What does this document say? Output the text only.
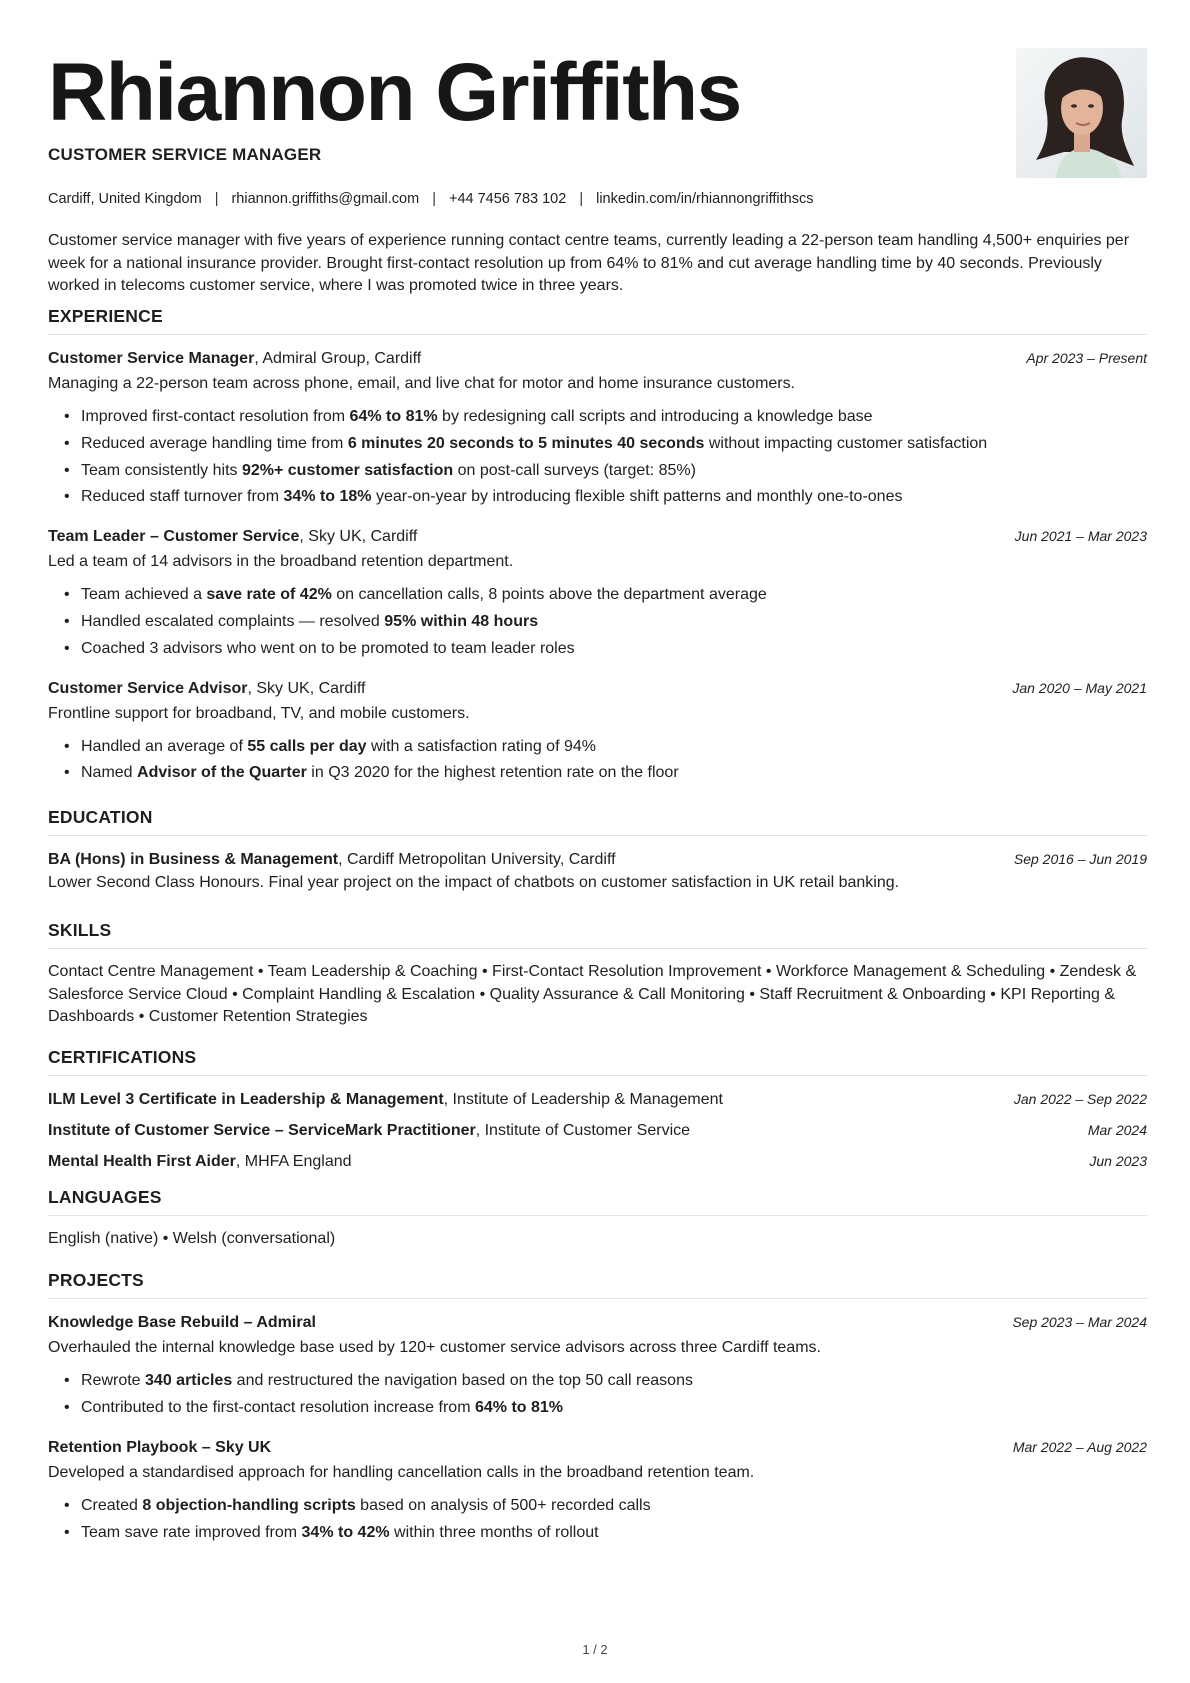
Rhiannon Griffiths
CUSTOMER SERVICE MANAGER
Cardiff, United Kingdom | rhiannon.griffiths@gmail.com | +44 7456 783 102 | linkedin.com/in/rhiannongriffithscs

Customer service manager with five years of experience running contact centre teams, currently leading a 22-person team handling 4,500+ enquiries per week for a national insurance provider. Brought first-contact resolution up from 64% to 81% and cut average handling time by 40 seconds. Previously worked in telecoms customer service, where I was promoted twice in three years.

EXPERIENCE
Customer Service Manager, Admiral Group, Cardiff	Apr 2023 – Present
Managing a 22-person team across phone, email, and live chat for motor and home insurance customers.
• Improved first-contact resolution from 64% to 81% by redesigning call scripts and introducing a knowledge base
• Reduced average handling time from 6 minutes 20 seconds to 5 minutes 40 seconds without impacting customer satisfaction
• Team consistently hits 92%+ customer satisfaction on post-call surveys (target: 85%)
• Reduced staff turnover from 34% to 18% year-on-year by introducing flexible shift patterns and monthly one-to-ones
Team Leader – Customer Service, Sky UK, Cardiff	Jun 2021 – Mar 2023
Led a team of 14 advisors in the broadband retention department.
• Team achieved a save rate of 42% on cancellation calls, 8 points above the department average
• Handled escalated complaints — resolved 95% within 48 hours
• Coached 3 advisors who went on to be promoted to team leader roles
Customer Service Advisor, Sky UK, Cardiff	Jan 2020 – May 2021
Frontline support for broadband, TV, and mobile customers.
• Handled an average of 55 calls per day with a satisfaction rating of 94%
• Named Advisor of the Quarter in Q3 2020 for the highest retention rate on the floor
EDUCATION
BA (Hons) in Business & Management, Cardiff Metropolitan University, Cardiff	Sep 2016 – Jun 2019
Lower Second Class Honours. Final year project on the impact of chatbots on customer satisfaction in UK retail banking.
SKILLS

Contact Centre Management • Team Leadership & Coaching • First-Contact Resolution Improvement • Workforce Management & Scheduling • Zendesk & Salesforce Service Cloud • Complaint Handling & Escalation • Quality Assurance & Call Monitoring • Staff Recruitment & Onboarding • KPI Reporting & Dashboards • Customer Retention Strategies

CERTIFICATIONS
ILM Level 3 Certificate in Leadership & Management, Institute of Leadership & Management	Jan 2022 – Sep 2022
Institute of Customer Service – ServiceMark Practitioner, Institute of Customer Service	Mar 2024
Mental Health First Aider, MHFA England	Jun 2023
LANGUAGES

English (native) • Welsh (conversational)

PROJECTS
Knowledge Base Rebuild – Admiral	Sep 2023 – Mar 2024
Overhauled the internal knowledge base used by 120+ customer service advisors across three Cardiff teams.
• Rewrote 340 articles and restructured the navigation based on the top 50 call reasons
• Contributed to the first-contact resolution increase from 64% to 81%
Retention Playbook – Sky UK	Mar 2022 – Aug 2022
Developed a standardised approach for handling cancellation calls in the broadband retention team.
• Created 8 objection-handling scripts based on analysis of 500+ recorded calls
• Team save rate improved from 34% to 42% within three months of rollout
1 / 2
